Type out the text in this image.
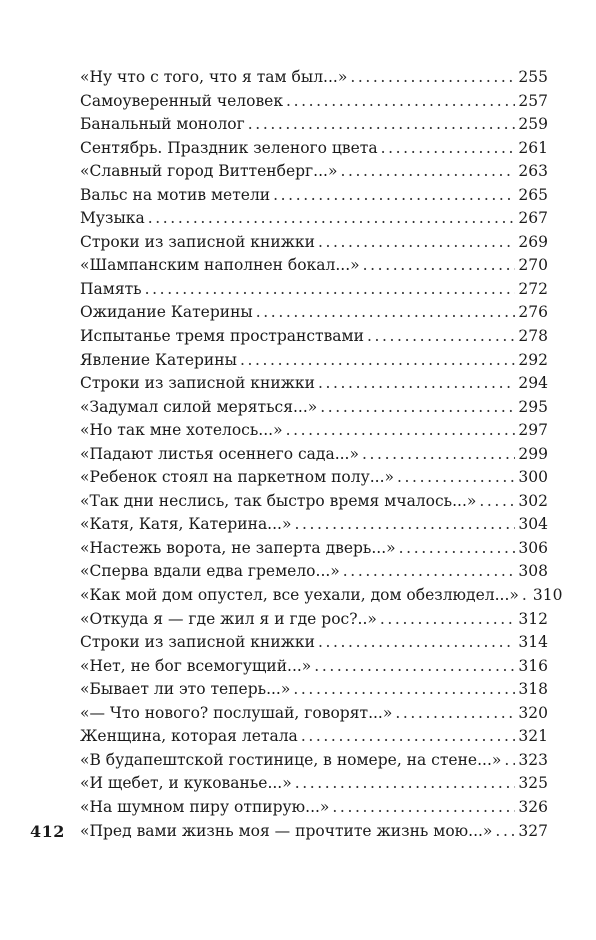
«Ну что с того, что я там был...» .....	255
Самоуверенный человек .....	257
Банальный монолог .....	259
Сентябрь. Праздник зеленого цвета .....	261
«Славный город Виттенберг...» .....	263
Вальс на мотив метели .....	265
Музыка .....	267
Строки из записной книжки .....	269
«Шампанским наполнен бокал...» .....	270
Память .....	272
Ожидание Катерины .....	276
Испытанье тремя пространствами .....	278
Явление Катерины .....	292
Строки из записной книжки .....	294
«Задумал силой меряться...» .....	295
«Но так мне хотелось...» .....	297
«Падают листья осеннего сада...» .....	299
«Ребенок стоял на паркетном полу...» .....	300
«Так дни неслись, так быстро время мчалось...» .....	302
«Катя, Катя, Катерина...» .....	304
«Настежь ворота, не заперта дверь...» .....	306
«Сперва вдали едва гремело...» .....	308
«Как мой дом опустел, все уехали, дом обезлюдел...» ..... 310
«Откуда я — где жил я и где рос?..» .....	312
Строки из записной книжки .....	314
«Нет, не бог всемогущий...» .....	316
«Бывает ли это теперь...» .....	318
«— Что нового? послушай, говорят...» .....	320
Женщина, которая летала .....	321
«В будапештской гостинице, в номере, на стене...» ..... 323
«И щебет, и кукованье...» .....	325
«На шумном пиру отпирую...» .....	326
«Пред вами жизнь моя — прочтите жизнь мою...» ..... 327
412
